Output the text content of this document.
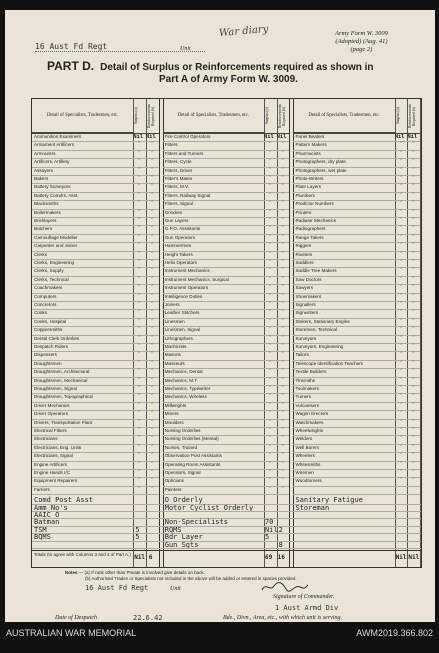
16 Aust Fd Regt	Unit
War diary	Army Form W. 3009
(Adopted) (Aug. 41)
(page 2)
PART D. Detail of Surplus or Reinforcements required as shown in
Part A of Army Form W. 3009.
Detail of Specialists, Tradesmen, etc.	Surplus (a)	Reinforcements Required (b)
Ammunition Examiners	Nil Nil
Armament Artificers	”	”
Armourers	”	”
Artificers, Artillery	”	”
Assayers	”	”
Bakers	”	”
Battery Surveyors	”	”
Battery Comdrs. Asst.	”	”
Blacksmiths	”	”
Boilermakers	”	”
Bricklayers	”	”
Butchers	”	”
Camouflage Modeller	”	”
Carpenter and Joiner	”	”
Clerks	”	”
Clerks, Engineering	”	”
Clerks, Supply	”	”
Clerks, Technical	”	”
Coachmakers	”	”
Computers	”	”
Concretors	”	”
Cooks	”	”
Cooks, Hospital	”	”
Coppersmiths	”	”
Dental Clerk Orderlies	”	”
Despatch Riders	”	”
Dispensers	”	”
Draughtsmen	”	”
Draughtsmen, Architectural	”	”
Draughtsmen, Mechanical	”	”
Draughtsmen, Signal	”	”
Draughtsmen, Topographical	”	”
Driver Mechanics	”	”
Driver Operators	”	”
Drivers, Transportation Plant	”	”
Electrical Fitters	”	”
Electricians	”	”
Electricians, Eng. Units	”	”
Electricians, Signal	”	”
Engine Artificers	”	”
Engine Hands I/C	”	”
Equipment Repairers	”	”
Farriers	”	”
Detail of Specialists, Tradesmen, etc.	Surplus (a)	Reinforcements Required (b)
Fire Control Operators	Nil Nil
Fitters	”	”
Fitters and Turners	”	”
Fitters, Cycle	”	”
Fitters, Driver	”	”
Fitter's Mates	”	”
Fitters, M.V.	”	”
Fitters, Railway Signal	”	”
Fitters, Signal	”	”
Grinders	”	”
Gun Layers	”	”
G.P.O. Assistants	”	”
Gun Operators	”	”
Hammermen	”	”
Height Takers	”	”
Helio Operators	”	”
Instrument Mechanics	”	”
Instrument Mechanics, Surgical	”	”
Instrument Operators	”	”
Intelligence Duties	”	”
Joiners	”	”
Leather Stitchers	”	”
Linesmen	”	”
Linesmen, Signal	”	”
Lithographers	”	”
Machinists	”	”
Masons	”	”
Masseurs	”	”
Mechanics, Dental	”	”
Mechanics, M.T.	”	”
Mechanics, Typewriter	”	”
Mechanics, Wireless	”	”
Millwrights	”	”
Miners	”	”
Moulders	”	”
Nursing Orderlies	”	”
Nursing Orderlies (Mental)	”	”
Nurses, Trained	”	”
Observation Post Assistants	”	”
Operating Room Assistants	”	”
Operators, Signal	”	”
Opticians	”	”
Painters	”	”
Detail of Specialists, Tradesmen, etc.	Surplus (a)	Reinforcements Required (b)
Panel Beaters	Nil Nil
Pattern Makers	”	”
Pharmacists	”	”
Photographers, dry plate	”	”
Photographers, wet plate	”	”
Photo-Writers	”	”
Plate Layers	”	”
Plumbers	”	”
Predictor Numbers	”	”
Printers	”	”
Radiator Mechanics	”	”
Radiographers	”	”
Range Takers	”	”
Riggers	”	”
Riveters	”	”
Saddlers	”	”
Saddle Tree Makers	”	”
Saw Doctors	”	”
Sawyers	”	”
Shoemakers	”	”
Signallers	”	”
Signwriters	”	”
Stokers, Stationary Engine	”	”
Storemen, Technical	”	”
Surveyors	”	”
Surveyors, Engineering	”	”
Tailors	”	”
Telescope Identification Teachers	”	”
Textile Builders	”	”
Tinsmiths	”	”
Toolmakers	”	”
Turners	”	”
Vulcanisers	”	”
Wagon Erectors	”	”
Watchmakers	”	”
Wheelwrights	”	”
Welders	”	”
Well Borers	”	”
Wheelers	”	”
Whitesmiths	”	”
Wiremen	”	”
Woodturners	”	”
Comd Post Asst	O Orderly	Sanitary Fatigue
Amm No's	Motor Cyclist Orderly	Storeman
AAIC O
Batman	Non-Specialists	70
TSM	5	RQMS	Nil 2
BQMS	5	Bdr Layer	5
Gun Sgts	8
Totals (to agree with Columns 3 and 4 of Part A.) Nil 6	69 16	Nil Nil
Notes — (a) If rank other than Private is involved give details on back.
(b) Authorised Trades or Specialists not included in the above will be added or entered in spaces provided.
16 Aust Fd Regt	Unit
Signature of Commander.
1 Aust Armd Div
Date of Despatch	22.6.42	Bde., Divn., Area, etc., with which unit is serving.
AUSTRALIAN WAR MEMORIAL	AWM2019.366.802
